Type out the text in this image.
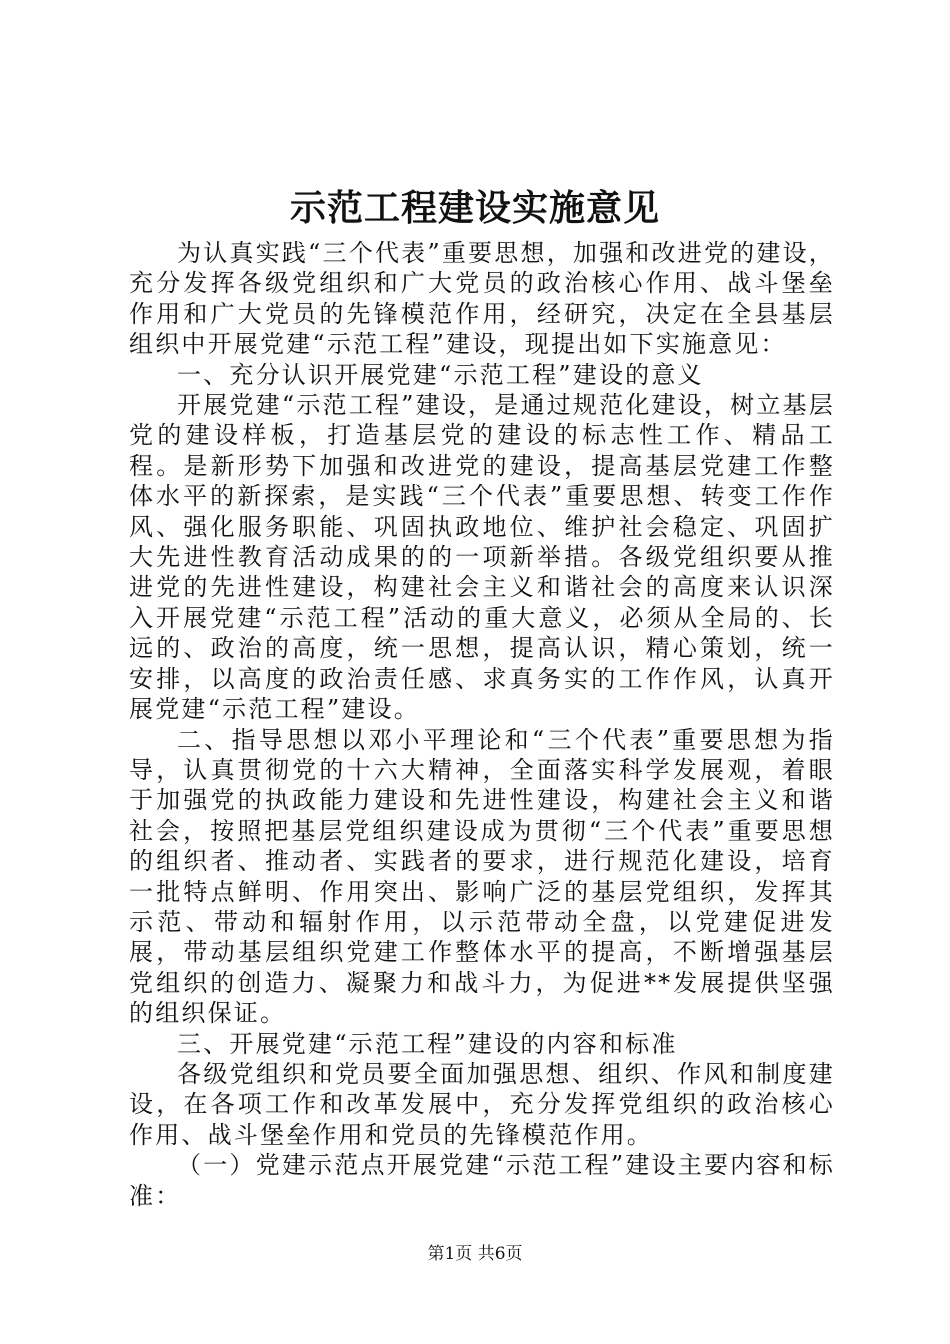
示范工程建设实施意见

为认真实践“三个代表”重要思想，加强和改进党的建设，充分发挥各级党组织和广大党员的政治核心作用、战斗堡垒作用和广大党员的先锋模范作用，经研究，决定在全县基层组织中开展党建“示范工程”建设，现提出如下实施意见：

一、充分认识开展党建“示范工程”建设的意义

开展党建“示范工程”建设，是通过规范化建设，树立基层党的建设样板，打造基层党的建设的标志性工作、精品工程。是新形势下加强和改进党的建设，提高基层党建工作整体水平的新探索，是实践“三个代表”重要思想、转变工作作风、强化服务职能、巩固执政地位、维护社会稳定、巩固扩大先进性教育活动成果的的一项新举措。各级党组织要从推进党的先进性建设，构建社会主义和谐社会的高度来认识深入开展党建“示范工程”活动的重大意义，必须从全局的、长远的、政治的高度，统一思想，提高认识，精心策划，统一安排，以高度的政治责任感、求真务实的工作作风，认真开展党建“示范工程”建设。

二、指导思想以邓小平理论和“三个代表”重要思想为指导，认真贯彻党的十六大精神，全面落实科学发展观，着眼于加强党的执政能力建设和先进性建设，构建社会主义和谐社会，按照把基层党组织建设成为贯彻“三个代表”重要思想的组织者、推动者、实践者的要求，进行规范化建设，培育一批特点鲜明、作用突出、影响广泛的基层党组织，发挥其示范、带动和辐射作用，以示范带动全盘，以党建促进发展，带动基层组织党建工作整体水平的提高，不断增强基层党组织的创造力、凝聚力和战斗力，为促进**发展提供坚强的组织保证。

三、开展党建“示范工程”建设的内容和标准

各级党组织和党员要全面加强思想、组织、作风和制度建设，在各项工作和改革发展中，充分发挥党组织的政治核心作用、战斗堡垒作用和党员的先锋模范作用。

（一）党建示范点开展党建“示范工程”建设主要内容和标准：

第1页 共6页
